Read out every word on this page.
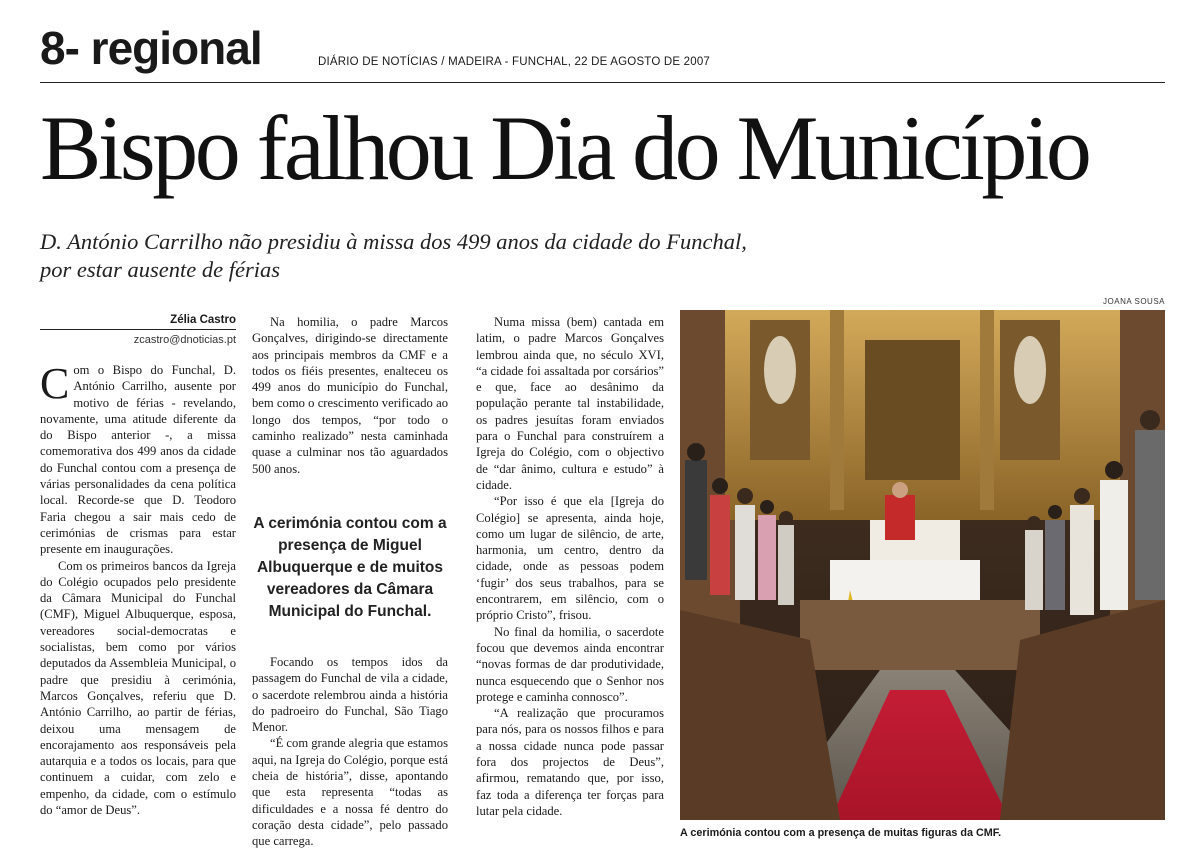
8- regional	DIÁRIO DE NOTÍCIAS / MADEIRA - FUNCHAL, 22 DE AGOSTO DE 2007
Bispo falhou Dia do Município
D. António Carrilho não presidiu à missa dos 499 anos da cidade do Funchal, por estar ausente de férias
Zélia Castro
zcastro@dnoticias.pt

Com o Bispo do Funchal, D. António Carrilho, ausente por motivo de férias - revelando, novamente, uma atitude diferente da do Bispo anterior -, a missa comemorativa dos 499 anos da cidade do Funchal contou com a presença de várias personalidades da cena política local. Recorde-se que D. Teodoro Faria chegou a sair mais cedo de cerimónias de crismas para estar presente em inaugurações.

Com os primeiros bancos da Igreja do Colégio ocupados pelo presidente da Câmara Municipal do Funchal (CMF), Miguel Albuquerque, esposa, vereadores social-democratas e socialistas, bem como por vários deputados da Assembleia Municipal, o padre que presidiu à cerimónia, Marcos Gonçalves, referiu que D. António Carrilho, ao partir de férias, deixou uma mensagem de encorajamento aos responsáveis pela autarquia e a todos os locais, para que continuem a cuidar, com zelo e empenho, da cidade, com o estímulo do “amor de Deus”.

Na homilia, o padre Marcos Gonçalves, dirigindo-se directamente aos principais membros da CMF e a todos os fiéis presentes, enalteceu os 499 anos do município do Funchal, bem como o crescimento verificado ao longo dos tempos, “por todo o caminho realizado” nesta caminhada quase a culminar nos tão aguardados 500 anos.

A cerimónia contou com a presença de Miguel Albuquerque e de muitos vereadores da Câmara Municipal do Funchal.

Focando os tempos idos da passagem do Funchal de vila a cidade, o sacerdote relembrou ainda a história do padroeiro do Funchal, São Tiago Menor.

“É com grande alegria que estamos aqui, na Igreja do Colégio, porque está cheia de história”, disse, apontando que esta representa “todas as dificuldades e a nossa fé dentro do coração desta cidade”, pelo passado que carrega.

Numa missa (bem) cantada em latim, o padre Marcos Gonçalves lembrou ainda que, no século XVI, “a cidade foi assaltada por corsários” e que, face ao desânimo da população perante tal instabilidade, os padres jesuítas foram enviados para o Funchal para construírem a Igreja do Colégio, com o objectivo de “dar ânimo, cultura e estudo” à cidade.

“Por isso é que ela [Igreja do Colégio] se apresenta, ainda hoje, como um lugar de silêncio, de arte, harmonia, um centro, dentro da cidade, onde as pessoas podem ‘fugir’ dos seus trabalhos, para se encontrarem, em silêncio, com o próprio Cristo”, frisou.

No final da homilia, o sacerdote focou que devemos ainda encontrar “novas formas de dar produtividade, nunca esquecendo que o Senhor nos protege e caminha connosco”.

“A realização que procuramos para nós, para os nossos filhos e para a nossa cidade nunca pode passar fora dos projectos de Deus”, afirmou, rematando que, por isso, faz toda a diferença ter forças para lutar pela cidade.

JOANA SOUSA
A cerimónia contou com a presença de muitas figuras da CMF.
